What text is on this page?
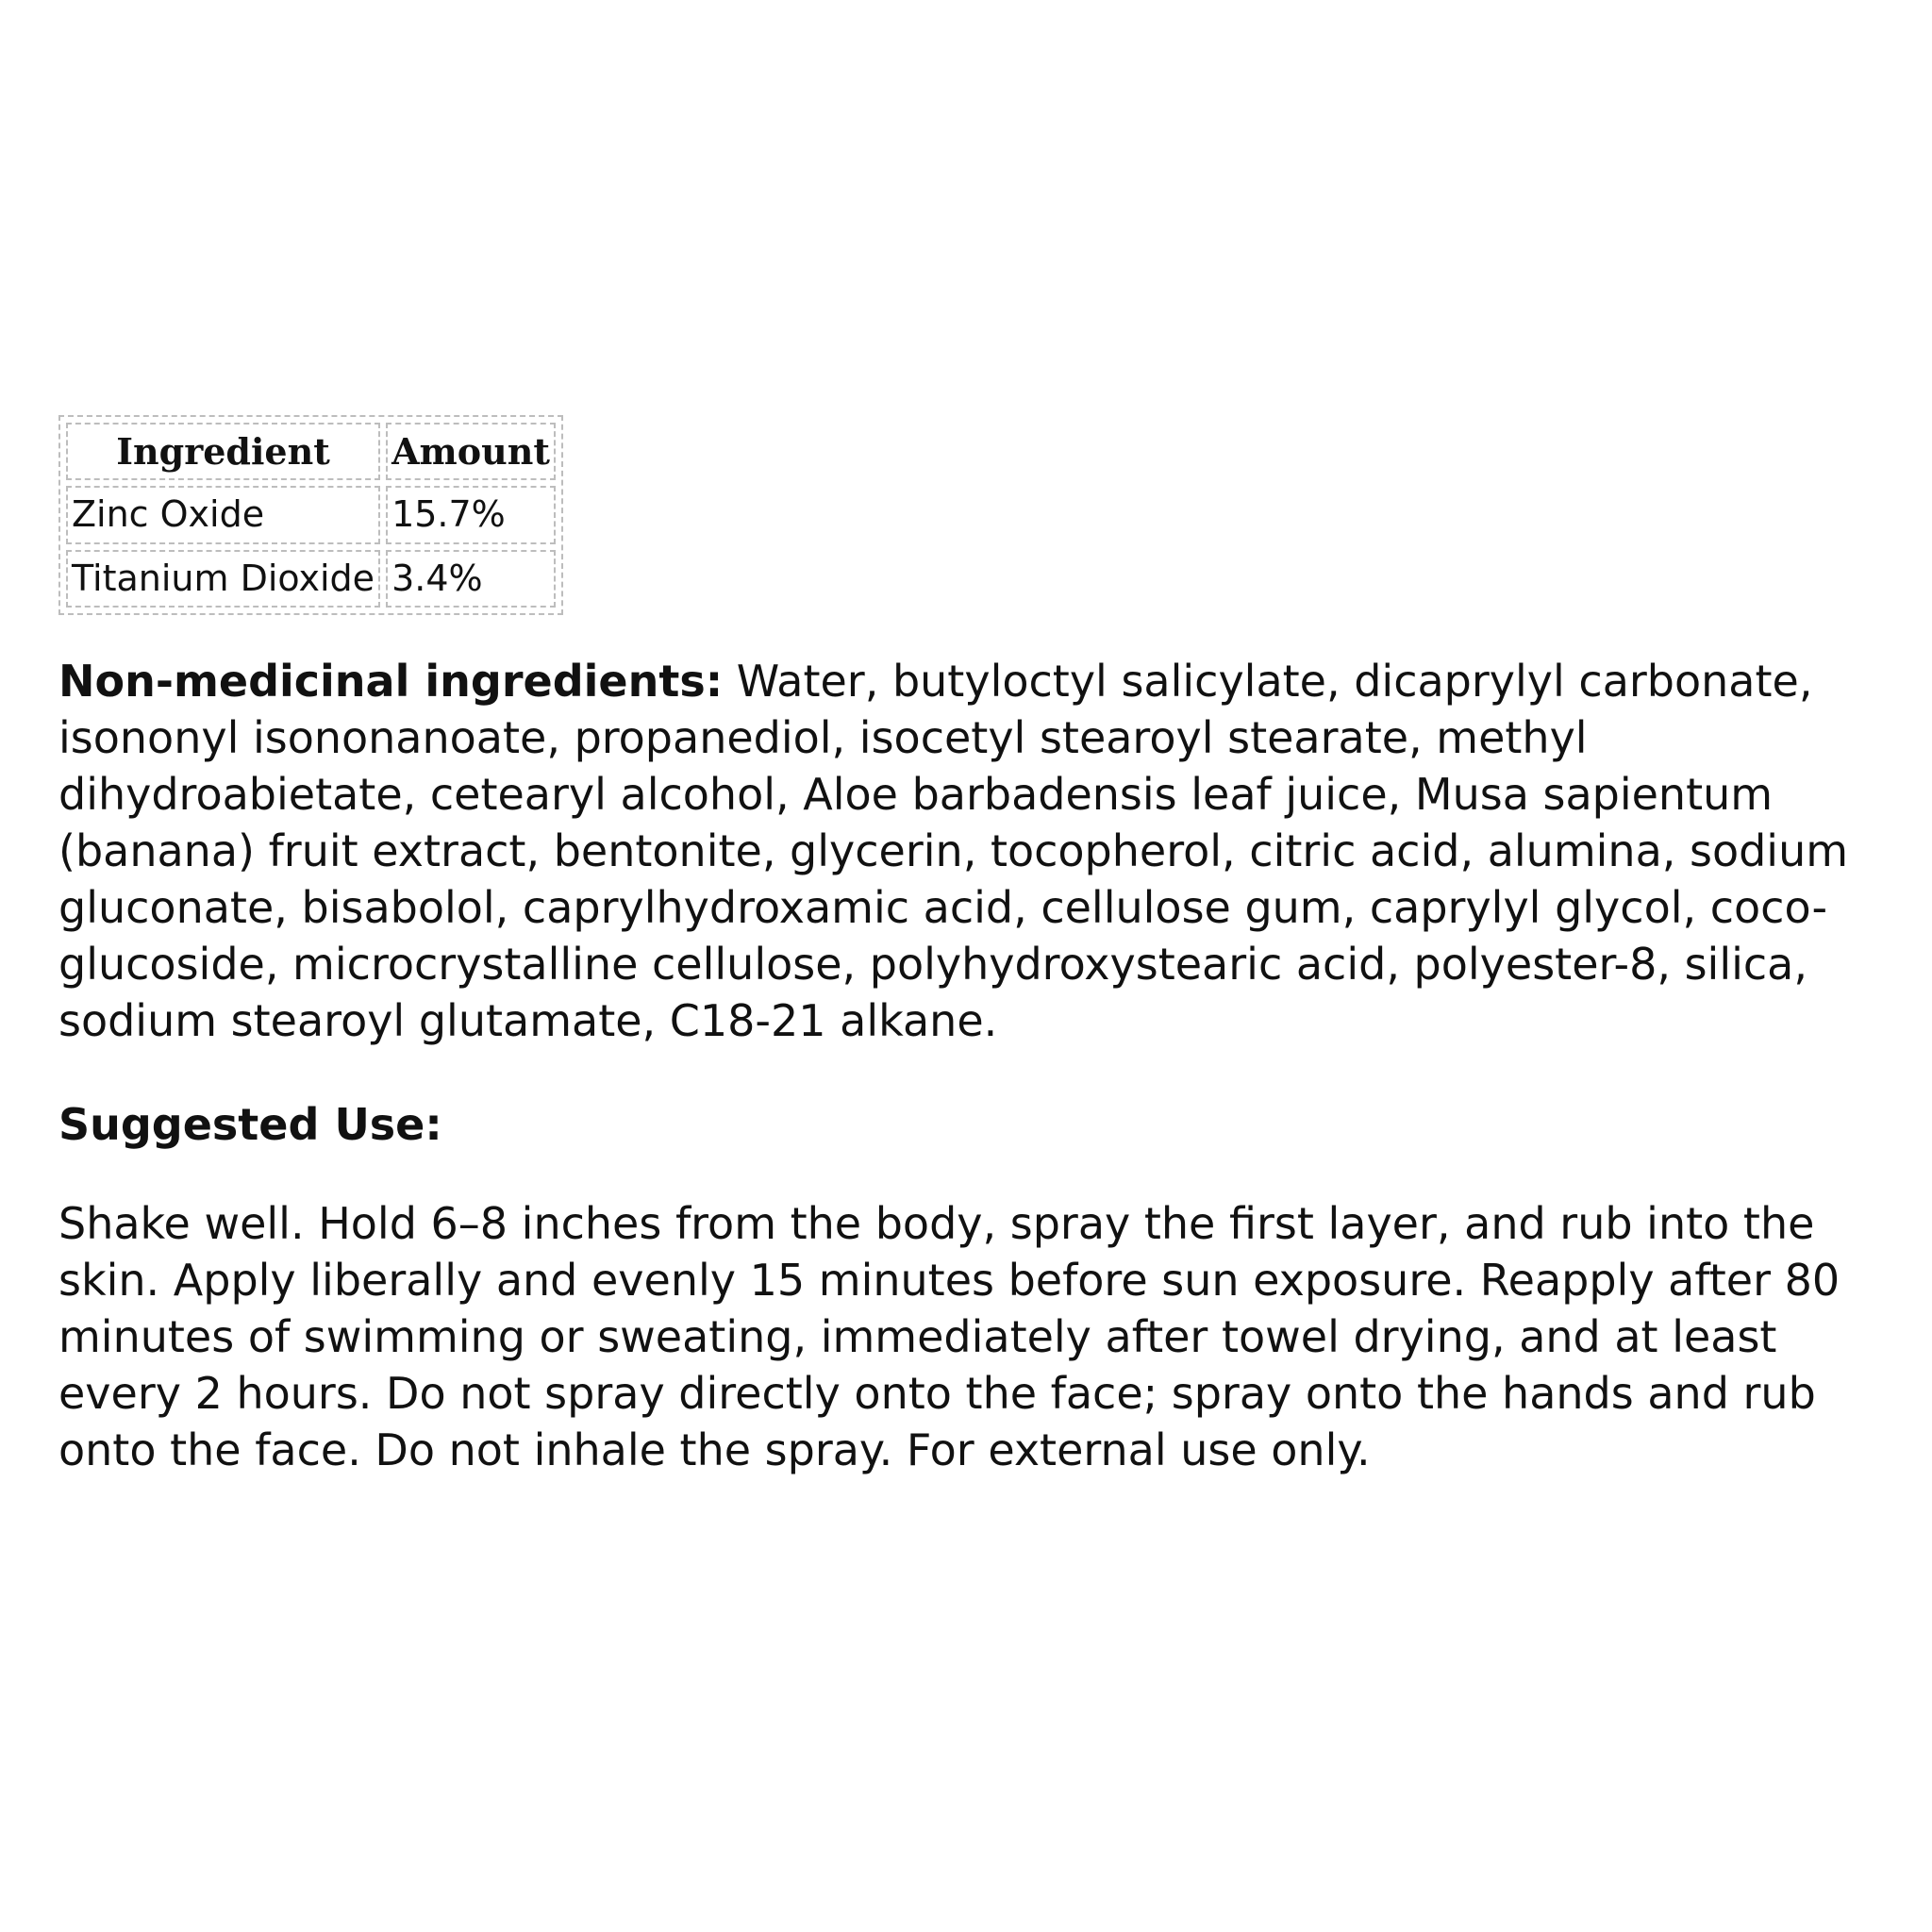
Ingredient	Amount
Zinc Oxide	15.7%
Titanium Dioxide	3.4%

Non-medicinal ingredients: Water, butyloctyl salicylate, dicaprylyl carbonate, isononyl isononanoate, propanediol, isocetyl stearoyl stearate, methyl dihydroabietate, cetearyl alcohol, Aloe barbadensis leaf juice, Musa sapientum (banana) fruit extract, bentonite, glycerin, tocopherol, citric acid, alumina, sodium gluconate, bisabolol, caprylhydroxamic acid, cellulose gum, caprylyl glycol, coco-glucoside, microcrystalline cellulose, polyhydroxystearic acid, polyester-8, silica, sodium stearoyl glutamate, C18-21 alkane.

Suggested Use:

Shake well. Hold 6–8 inches from the body, spray the first layer, and rub into the skin. Apply liberally and evenly 15 minutes before sun exposure. Reapply after 80 minutes of swimming or sweating, immediately after towel drying, and at least every 2 hours. Do not spray directly onto the face; spray onto the hands and rub onto the face. Do not inhale the spray. For external use only.
